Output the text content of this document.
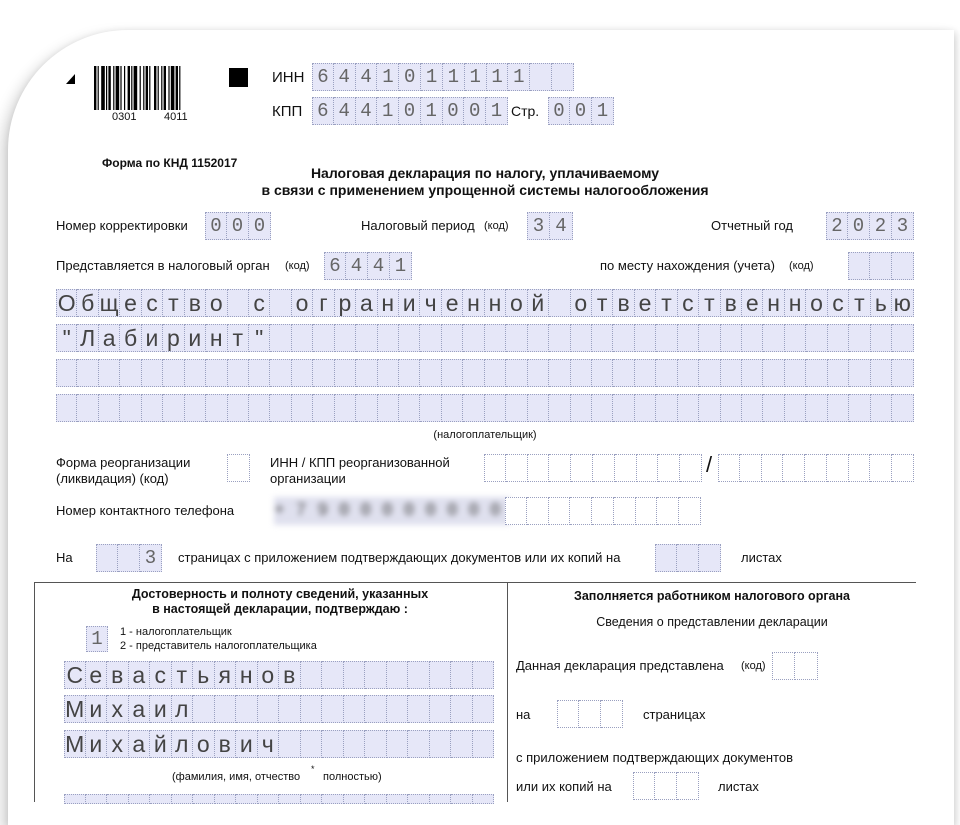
0301	4011
ИНН 6 4 4 1 0 1 1 1 1 1
КПП 6 4 4 1 0 1 0 0 1 Стр. 0 0 1
Форма по КНД 1152017
Налоговая декларация по налогу, уплачиваемому
в связи с применением упрощенной системы налогообложения
Номер корректировки 0 0 0	Налоговый период (код)	3 4	Отчетный год 2 0 2 3
Представляется в налоговый орган (код) 6 4 4 1	по месту нахождения (учета) (код)
О б щ е с т в о с о г р а н и ч е н н о й о т в е т с т в е н н о с т ь ю
" Л а б и р и н т "
(налогоплательщик)
Форма реорганизации
(ликвидация) (код)
ИНН / КПП реорганизованной
организации
/
Номер контактного телефона + 7 9 0 0 0 0 0 0 0 0
На	3	страницах с приложением подтверждающих документов или их копий на	листах
Достоверность и полноту сведений, указанных
в настоящей декларации, подтверждаю :
1	1 - налогоплательщик
2 - представитель налогоплательщика
С е в а с т ь я н о в
М и х а и л
М и х а й л о в и ч
(фамилия, имя, отчество
*
полностью)
Заполняется работником налогового органа
Сведения о представлении декларации
Данная декларация представлена (код)
на	страницах
с приложением подтверждающих документов
или их копий на	листах
